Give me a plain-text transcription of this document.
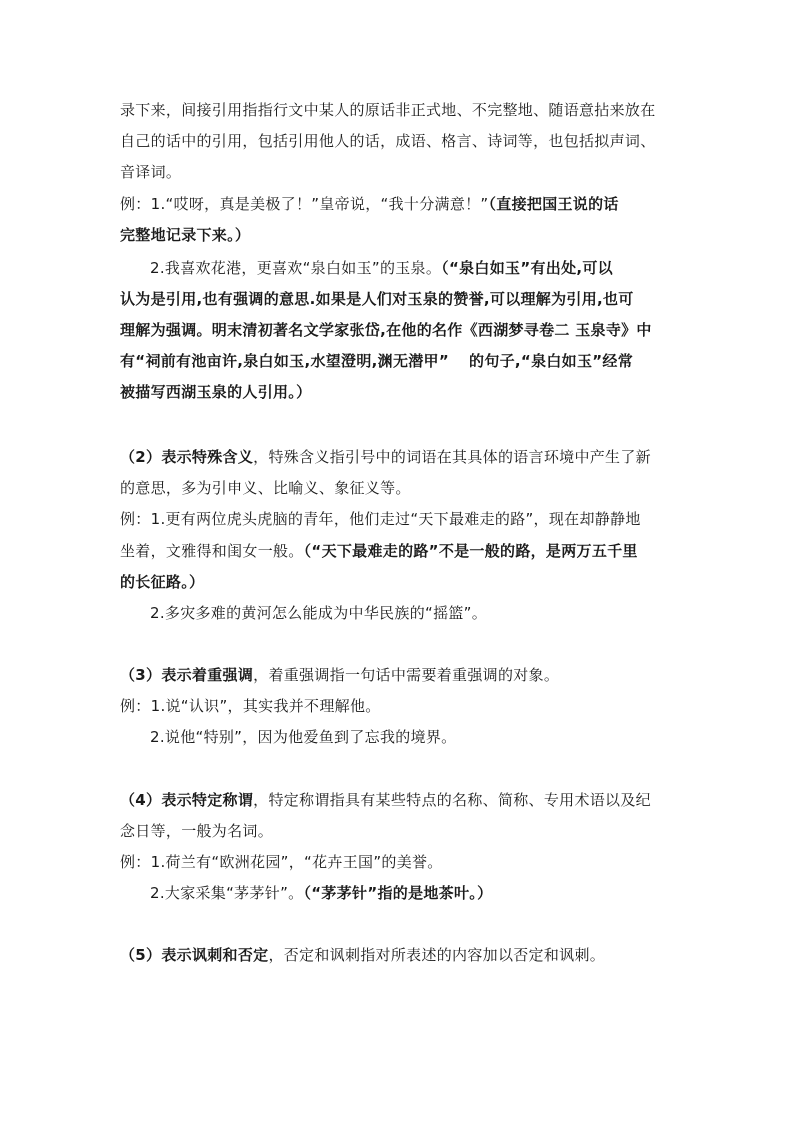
录下来，间接引用指指行文中某人的原话非正式地、不完整地、随语意拈来放在
自己的话中的引用，包括引用他人的话，成语、格言、诗词等，也包括拟声词、
音译词。
例：1.“哎呀，真是美极了！”皇帝说，“我十分满意！”（直接把国王说的话
完整地记录下来。）
2.我喜欢花港，更喜欢“泉白如玉”的玉泉。（“泉白如玉”有出处,可以
认为是引用,也有强调的意思.如果是人们对玉泉的赞誉,可以理解为引用,也可
理解为强调。明末清初著名文学家张岱,在他的名作《西湖梦寻卷二 玉泉寺》中
有“祠前有池亩许,泉白如玉,水望澄明,渊无潜甲” 的句子,“泉白如玉”经常
被描写西湖玉泉的人引用。）
（2）表示特殊含义，特殊含义指引号中的词语在其具体的语言环境中产生了新
的意思，多为引申义、比喻义、象征义等。
例：1.更有两位虎头虎脑的青年，他们走过“天下最难走的路”，现在却静静地
坐着，文雅得和闺女一般。（“天下最难走的路”不是一般的路，是两万五千里
的长征路。）
2.多灾多难的黄河怎么能成为中华民族的“摇篮”。
（3）表示着重强调，着重强调指一句话中需要着重强调的对象。
例：1.说“认识”，其实我并不理解他。
2.说他“特别”，因为他爱鱼到了忘我的境界。
（4）表示特定称谓，特定称谓指具有某些特点的名称、简称、专用术语以及纪
念日等，一般为名词。
例：1.荷兰有“欧洲花园”，“花卉王国”的美誉。
2.大家采集“茅茅针”。（“茅茅针”指的是地茶叶。）
（5）表示讽刺和否定，否定和讽刺指对所表述的内容加以否定和讽刺。
